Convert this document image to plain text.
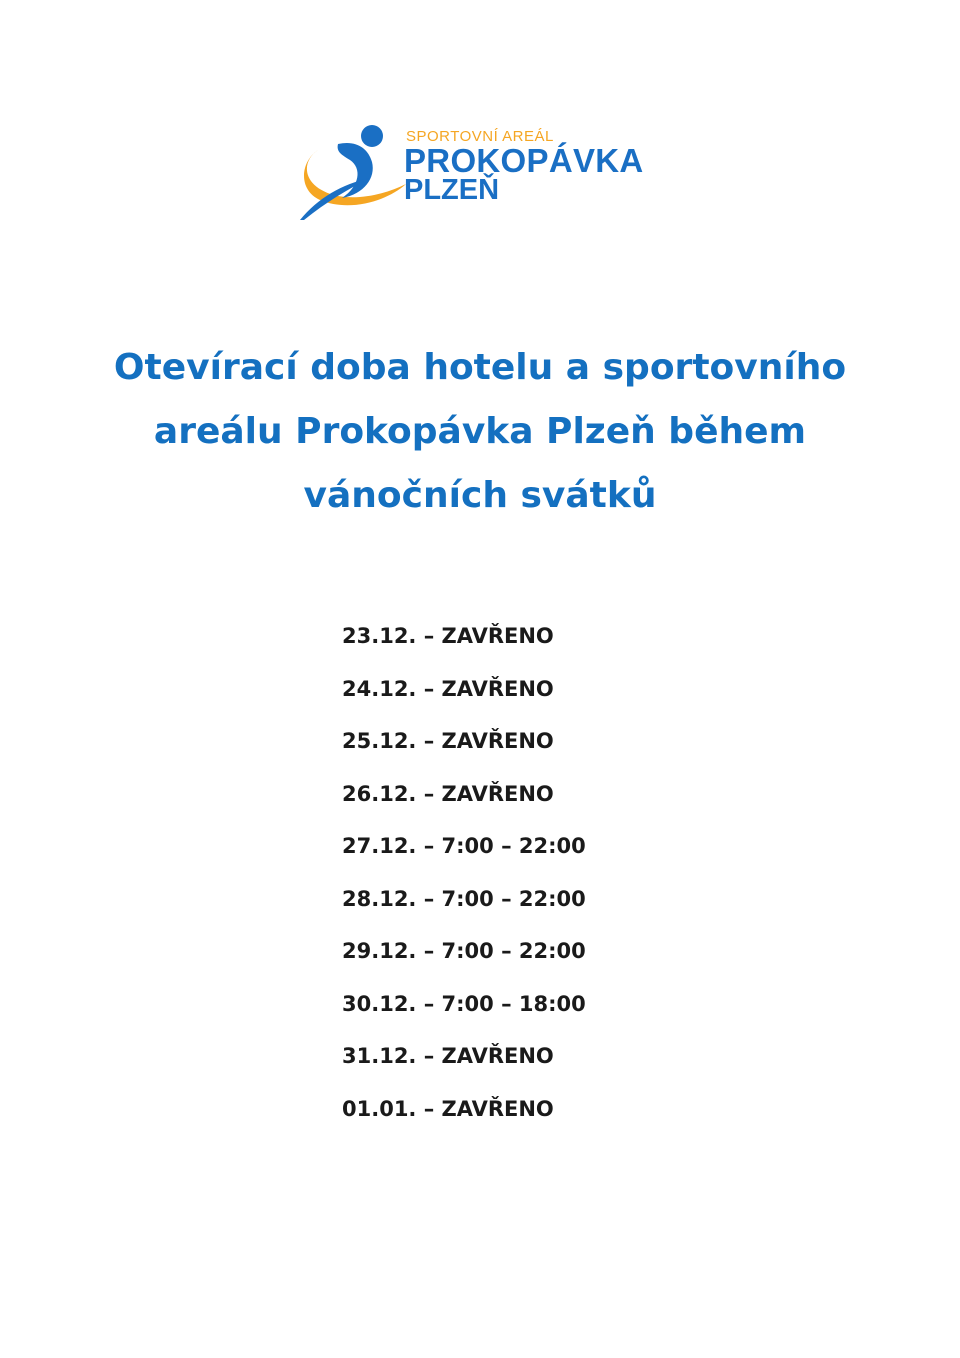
SPORTOVNÍ AREÁL
PROKOPÁVKA
PLZEŇ
Otevírací doba hotelu a sportovního
areálu Prokopávka Plzeň během
vánočních svátků
23.12. – ZAVŘENO
24.12. – ZAVŘENO
25.12. – ZAVŘENO
26.12. – ZAVŘENO
27.12. – 7:00 – 22:00
28.12. – 7:00 – 22:00
29.12. – 7:00 – 22:00
30.12. – 7:00 – 18:00
31.12. – ZAVŘENO
01.01. – ZAVŘENO
